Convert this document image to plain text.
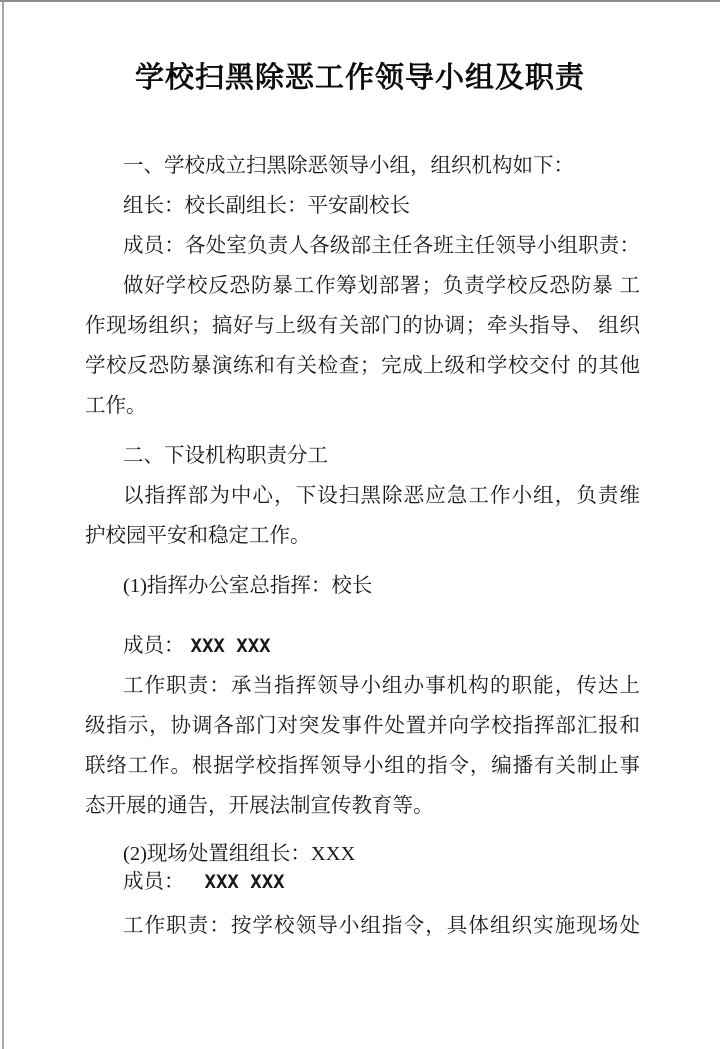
学校扫黑除恶工作领导小组及职责
一、学校成立扫黑除恶领导小组，组织机构如下：
组长：校长副组长：平安副校长
成员：各处室负责人各级部主任各班主任领导小组职责：
做好学校反恐防暴工作筹划部署；负责学校反恐防暴 工
作现场组织；搞好与上级有关部门的协调；牵头指导、 组织
学校反恐防暴演练和有关检查；完成上级和学校交付 的其他
工作。
二、下设机构职责分工
以指挥部为中心，下设扫黑除恶应急工作小组，负责维
护校园平安和稳定工作。
(1)指挥办公室总指挥：校长
成员： XXX XXX
工作职责：承当指挥领导小组办事机构的职能，传达上
级指示，协调各部门对突发事件处置并向学校指挥部汇报和
联络工作。根据学校指挥领导小组的指令，编播有关制止事
态开展的通告，开展法制宣传教育等。
(2)现场处置组组长：XXX
成员： XXX XXX
工作职责：按学校领导小组指令，具体组织实施现场处
